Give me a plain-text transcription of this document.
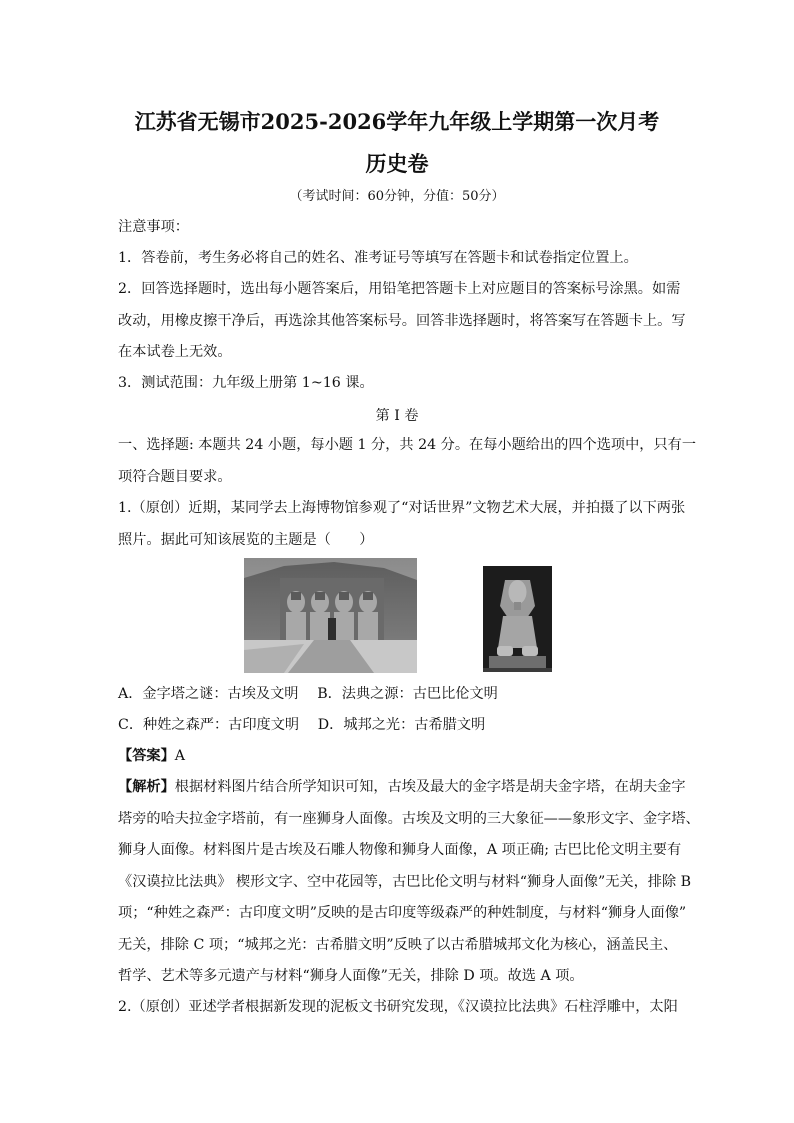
江苏省无锡市2025-2026学年九年级上学期第一次月考
历史卷
（考试时间：60分钟，分值：50分）
注意事项：
1．答卷前，考生务必将自己的姓名、准考证号等填写在答题卡和试卷指定位置上。
2．回答选择题时，选出每小题答案后，用铅笔把答题卡上对应题目的答案标号涂黑。如需
改动，用橡皮擦干净后，再选涂其他答案标号。回答非选择题时，将答案写在答题卡上。写
在本试卷上无效。
3．测试范围：九年级上册第 1~16 课。
第 I 卷
一、选择题: 本题共 24 小题，每小题 1 分，共 24 分。在每小题给出的四个选项中，只有一
项符合题目要求。
1.（原创）近期，某同学去上海博物馆参观了“对话世界”文物艺术大展，并拍摄了以下两张
照片。据此可知该展览的主题是（　　）
A．金字塔之谜：古埃及文明　 B．法典之源：古巴比伦文明
C．种姓之森严：古印度文明　 D．城邦之光：古希腊文明
【答案】A
【解析】根据材料图片结合所学知识可知，古埃及最大的金字塔是胡夫金字塔，在胡夫金字
塔旁的哈夫拉金字塔前，有一座狮身人面像。古埃及文明的三大象征——象形文字、金字塔、
狮身人面像。材料图片是古埃及石雕人物像和狮身人面像，A 项正确; 古巴比伦文明主要有
《汉谟拉比法典》 楔形文字、空中花园等，古巴比伦文明与材料“狮身人面像”无关，排除 B
项；“种姓之森严：古印度文明”反映的是古印度等级森严的种姓制度，与材料“狮身人面像”
无关，排除 C 项；“城邦之光：古希腊文明”反映了以古希腊城邦文化为核心，涵盖民主、
哲学、艺术等多元遗产与材料“狮身人面像”无关，排除 D 项。故选 A 项。
2.（原创）亚述学者根据新发现的泥板文书研究发现，《汉谟拉比法典》石柱浮雕中，太阳
